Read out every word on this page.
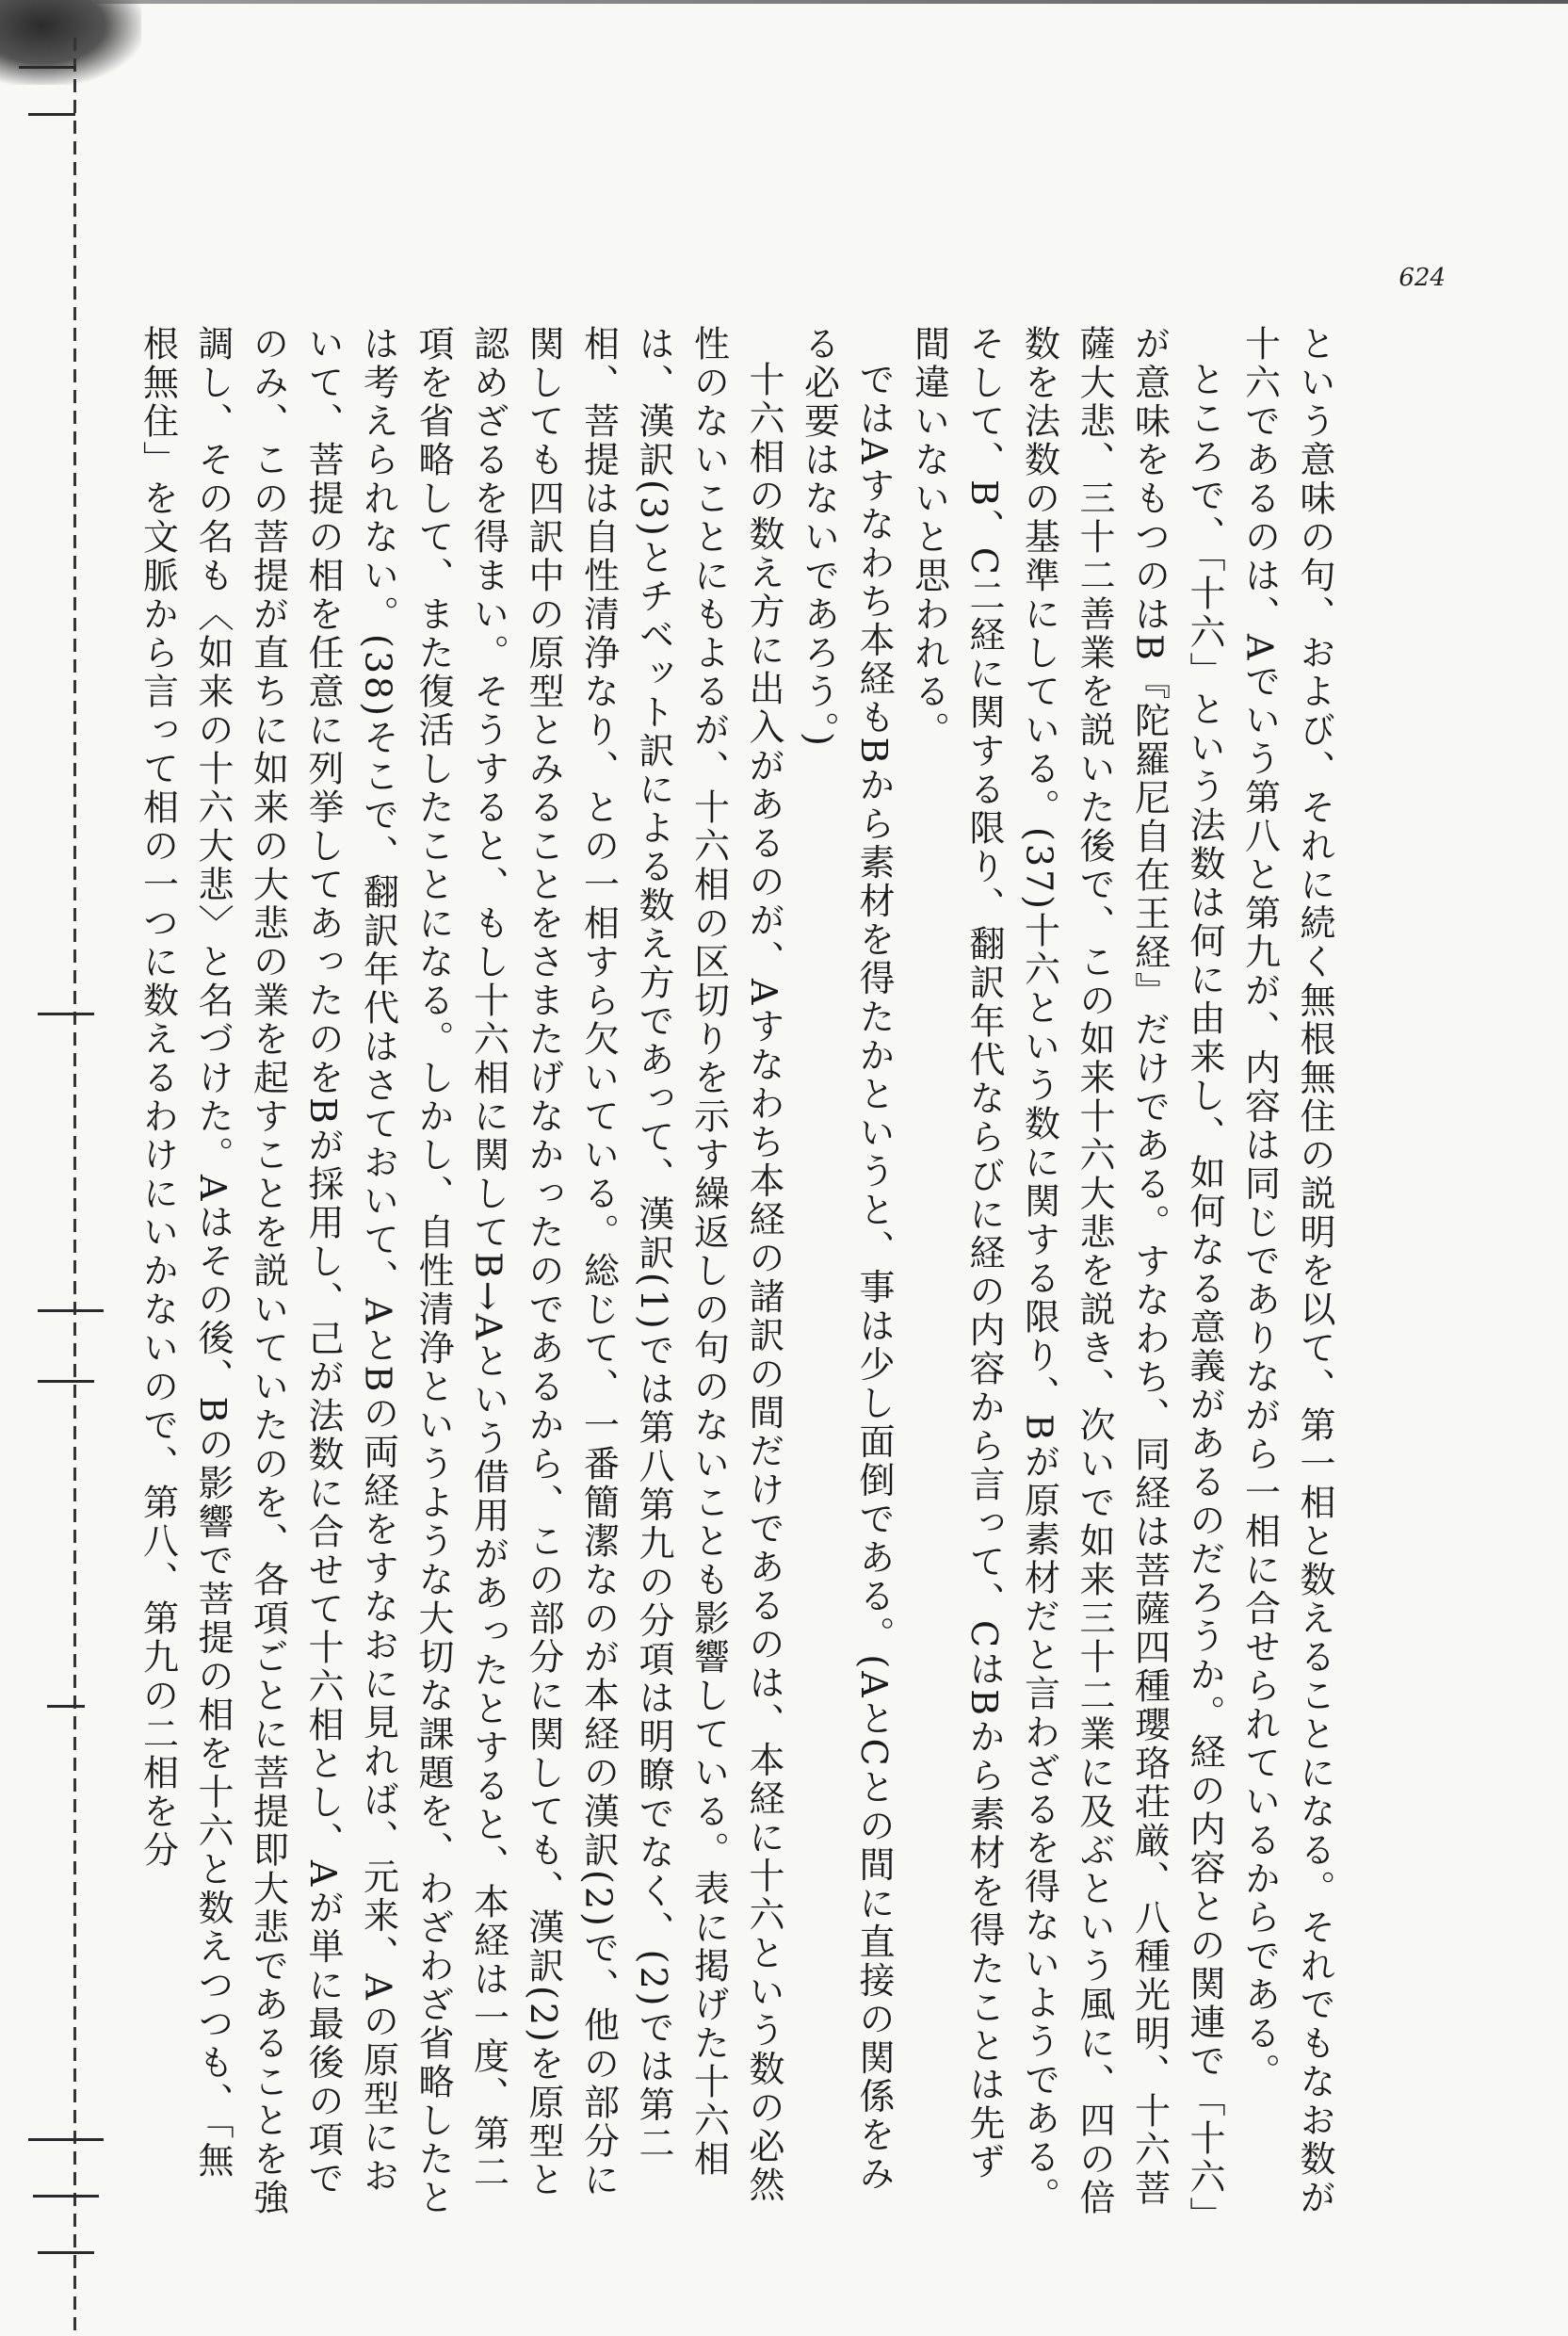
624

という意味の句、および、それに続く無根無住の説明を以て、第一相と数えることになる。それでもなお数が十六であるのは、Aでいう第八と第九が、内容は同じでありながら一相に合せられているからである。

ところで、「十六」という法数は何に由来し、如何なる意義があるのだろうか。経の内容との関連で「十六」が意味をもつのはB『陀羅尼自在王経』だけである。すなわち、同経は菩薩四種瓔珞荘厳、八種光明、十六菩薩大悲、三十二善業を説いた後で、この如来十六大悲を説き、次いで如来三十二業に及ぶという風に、四の倍数を法数の基準にしている。(37)十六という数に関する限り、Bが原素材だと言わざるを得ないようである。そして、B、C二経に関する限り、翻訳年代ならびに経の内容から言って、CはBから素材を得たことは先ず間違いないと思われる。

ではAすなわち本経もBから素材を得たかというと、事は少し面倒である。(AとCとの間に直接の関係をみる必要はないであろう。)

十六相の数え方に出入があるのが、Aすなわち本経の諸訳の間だけであるのは、本経に十六という数の必然性のないことにもよるが、十六相の区切りを示す繰返しの句のないことも影響している。表に掲げた十六相は、漢訳(3)とチベット訳による数え方であって、漢訳(1)では第八第九の分項は明瞭でなく、(2)では第二相、菩提は自性清浄なり、との一相すら欠いている。総じて、一番簡潔なのが本経の漢訳(2)で、他の部分に関しても四訳中の原型とみることをさまたげなかったのであるから、この部分に関しても、漢訳(2)を原型と認めざるを得まい。そうすると、もし十六相に関してB→Aという借用があったとすると、本経は一度、第二項を省略して、また復活したことになる。しかし、自性清浄というような大切な課題を、わざわざ省略したとは考えられない。(38)そこで、翻訳年代はさておいて、AとBの両経をすなおに見れば、元来、Aの原型において、菩提の相を任意に列挙してあったのをBが採用し、己が法数に合せて十六相とし、Aが単に最後の項でのみ、この菩提が直ちに如来の大悲の業を起すことを説いていたのを、各項ごとに菩提即大悲であることを強調し、その名も〈如来の十六大悲〉と名づけた。Aはその後、Bの影響で菩提の相を十六と数えつつも、「無根無住」を文脈から言って相の一つに数えるわけにいかないので、第八、第九の二相を分
